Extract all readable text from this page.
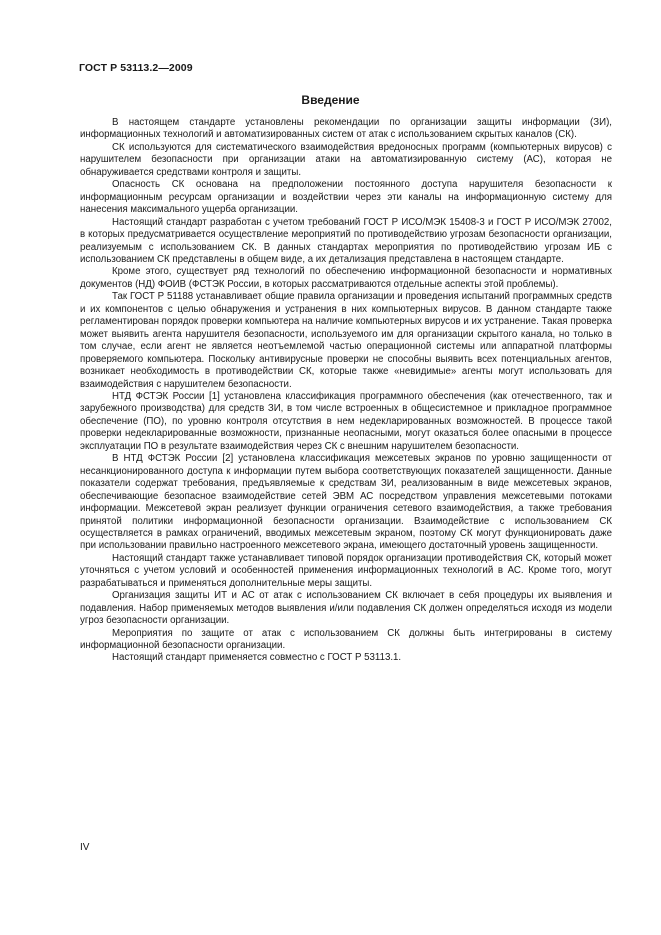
ГОСТ Р 53113.2—2009
Введение

В настоящем стандарте установлены рекомендации по организации защиты информации (ЗИ), информационных технологий и автоматизированных систем от атак с использованием скрытых каналов (СК).

СК используются для систематического взаимодействия вредоносных программ (компьютерных вирусов) с нарушителем безопасности при организации атаки на автоматизированную систему (АС), которая не обнаруживается средствами контроля и защиты.

Опасность СК основана на предположении постоянного доступа нарушителя безопасности к информационным ресурсам организации и воздействии через эти каналы на информационную систему для нанесения максимального ущерба организации.

Настоящий стандарт разработан с учетом требований ГОСТ Р ИСО/МЭК 15408-3 и ГОСТ Р ИСО/МЭК 27002, в которых предусматривается осуществление мероприятий по противодействию угрозам безопасности организации, реализуемым с использованием СК. В данных стандартах мероприятия по противодействию угрозам ИБ с использованием СК представлены в общем виде, а их детализация представлена в настоящем стандарте.

Кроме этого, существует ряд технологий по обеспечению информационной безопасности и нормативных документов (НД) ФОИВ (ФСТЭК России, в которых рассматриваются отдельные аспекты этой проблемы).

Так ГОСТ Р 51188 устанавливает общие правила организации и проведения испытаний программных средств и их компонентов с целью обнаружения и устранения в них компьютерных вирусов. В данном стандарте также регламентирован порядок проверки компьютера на наличие компьютерных вирусов и их устранение. Такая проверка может выявить агента нарушителя безопасности, используемого им для организации скрытого канала, но только в том случае, если агент не является неотъемлемой частью операционной системы или аппаратной платформы проверяемого компьютера. Поскольку антивирусные проверки не способны выявить всех потенциальных агентов, возникает необходимость в противодействии СК, которые также «невидимые» агенты могут использовать для взаимодействия с нарушителем безопасности.

НТД ФСТЭК России [1] установлена классификация программного обеспечения (как отечественного, так и зарубежного производства) для средств ЗИ, в том числе встроенных в общесистемное и прикладное программное обеспечение (ПО), по уровню контроля отсутствия в нем недекларированных возможностей. В процессе такой проверки недекларированные возможности, признанные неопасными, могут оказаться более опасными в процессе эксплуатации ПО в результате взаимодействия через СК с внешним нарушителем безопасности.

В НТД ФСТЭК России [2] установлена классификация межсетевых экранов по уровню защищенности от несанкционированного доступа к информации путем выбора соответствующих показателей защищенности. Данные показатели содержат требования, предъявляемые к средствам ЗИ, реализованным в виде межсетевых экранов, обеспечивающие безопасное взаимодействие сетей ЭВМ АС посредством управления межсетевыми потоками информации. Межсетевой экран реализует функции ограничения сетевого взаимодействия, а также требования принятой политики информационной безопасности организации. Взаимодействие с использованием СК осуществляется в рамках ограничений, вводимых межсетевым экраном, поэтому СК могут функционировать даже при использовании правильно настроенного межсетевого экрана, имеющего достаточный уровень защищенности.

Настоящий стандарт также устанавливает типовой порядок организации противодействия СК, который может уточняться с учетом условий и особенностей применения информационных технологий в АС. Кроме того, могут разрабатываться и применяться дополнительные меры защиты.

Организация защиты ИТ и АС от атак с использованием СК включает в себя процедуры их выявления и подавления. Набор применяемых методов выявления и/или подавления СК должен определяться исходя из модели угроз безопасности организации.

Мероприятия по защите от атак с использованием СК должны быть интегрированы в систему информационной безопасности организации.

Настоящий стандарт применяется совместно с ГОСТ Р 53113.1.

IV
